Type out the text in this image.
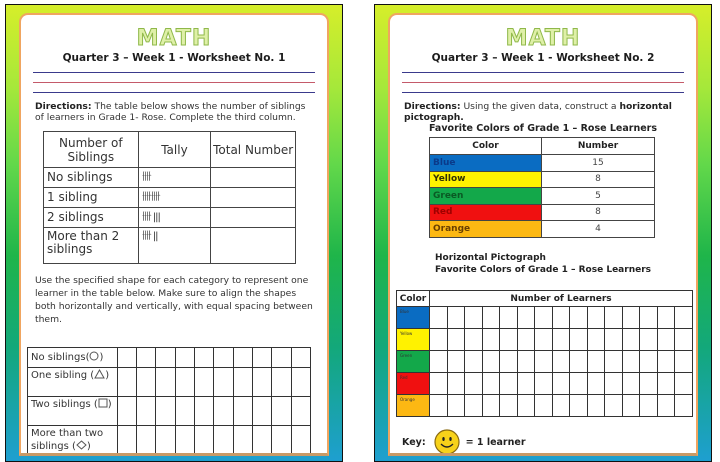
MATH
Quarter 3 – Week 1 - Worksheet No. 1

Directions: The table below shows the number of siblings of learners in Grade 1- Rose. Complete the third column.

Number of Siblings	Tally	Total Number
No siblings	卌	
1 sibling	卌卌	
2 siblings	卌 |||	
More than 2 siblings	卌 ||	

Use the specified shape for each category to represent one learner in the table below. Make sure to align the shapes both horizontally and vertically, with equal spacing between them.

No siblings( )										
One sibling ( )										
Two siblings ( )										
More than two siblings ( )										
MATH
Quarter 3 – Week 1 - Worksheet No. 2

Directions: Using the given data, construct a horizontal pictograph.

Favorite Colors of Grade 1 – Rose Learners
Color	Number
Blue	15
Yellow	8
Green	5
Red	8
Orange	4
Horizontal Pictograph
Favorite Colors of Grade 1 – Rose Learners
Color	Number of Learners														
Blue															
Yellow															
Green															
Red															
Orange															
Key:	= 1 learner
